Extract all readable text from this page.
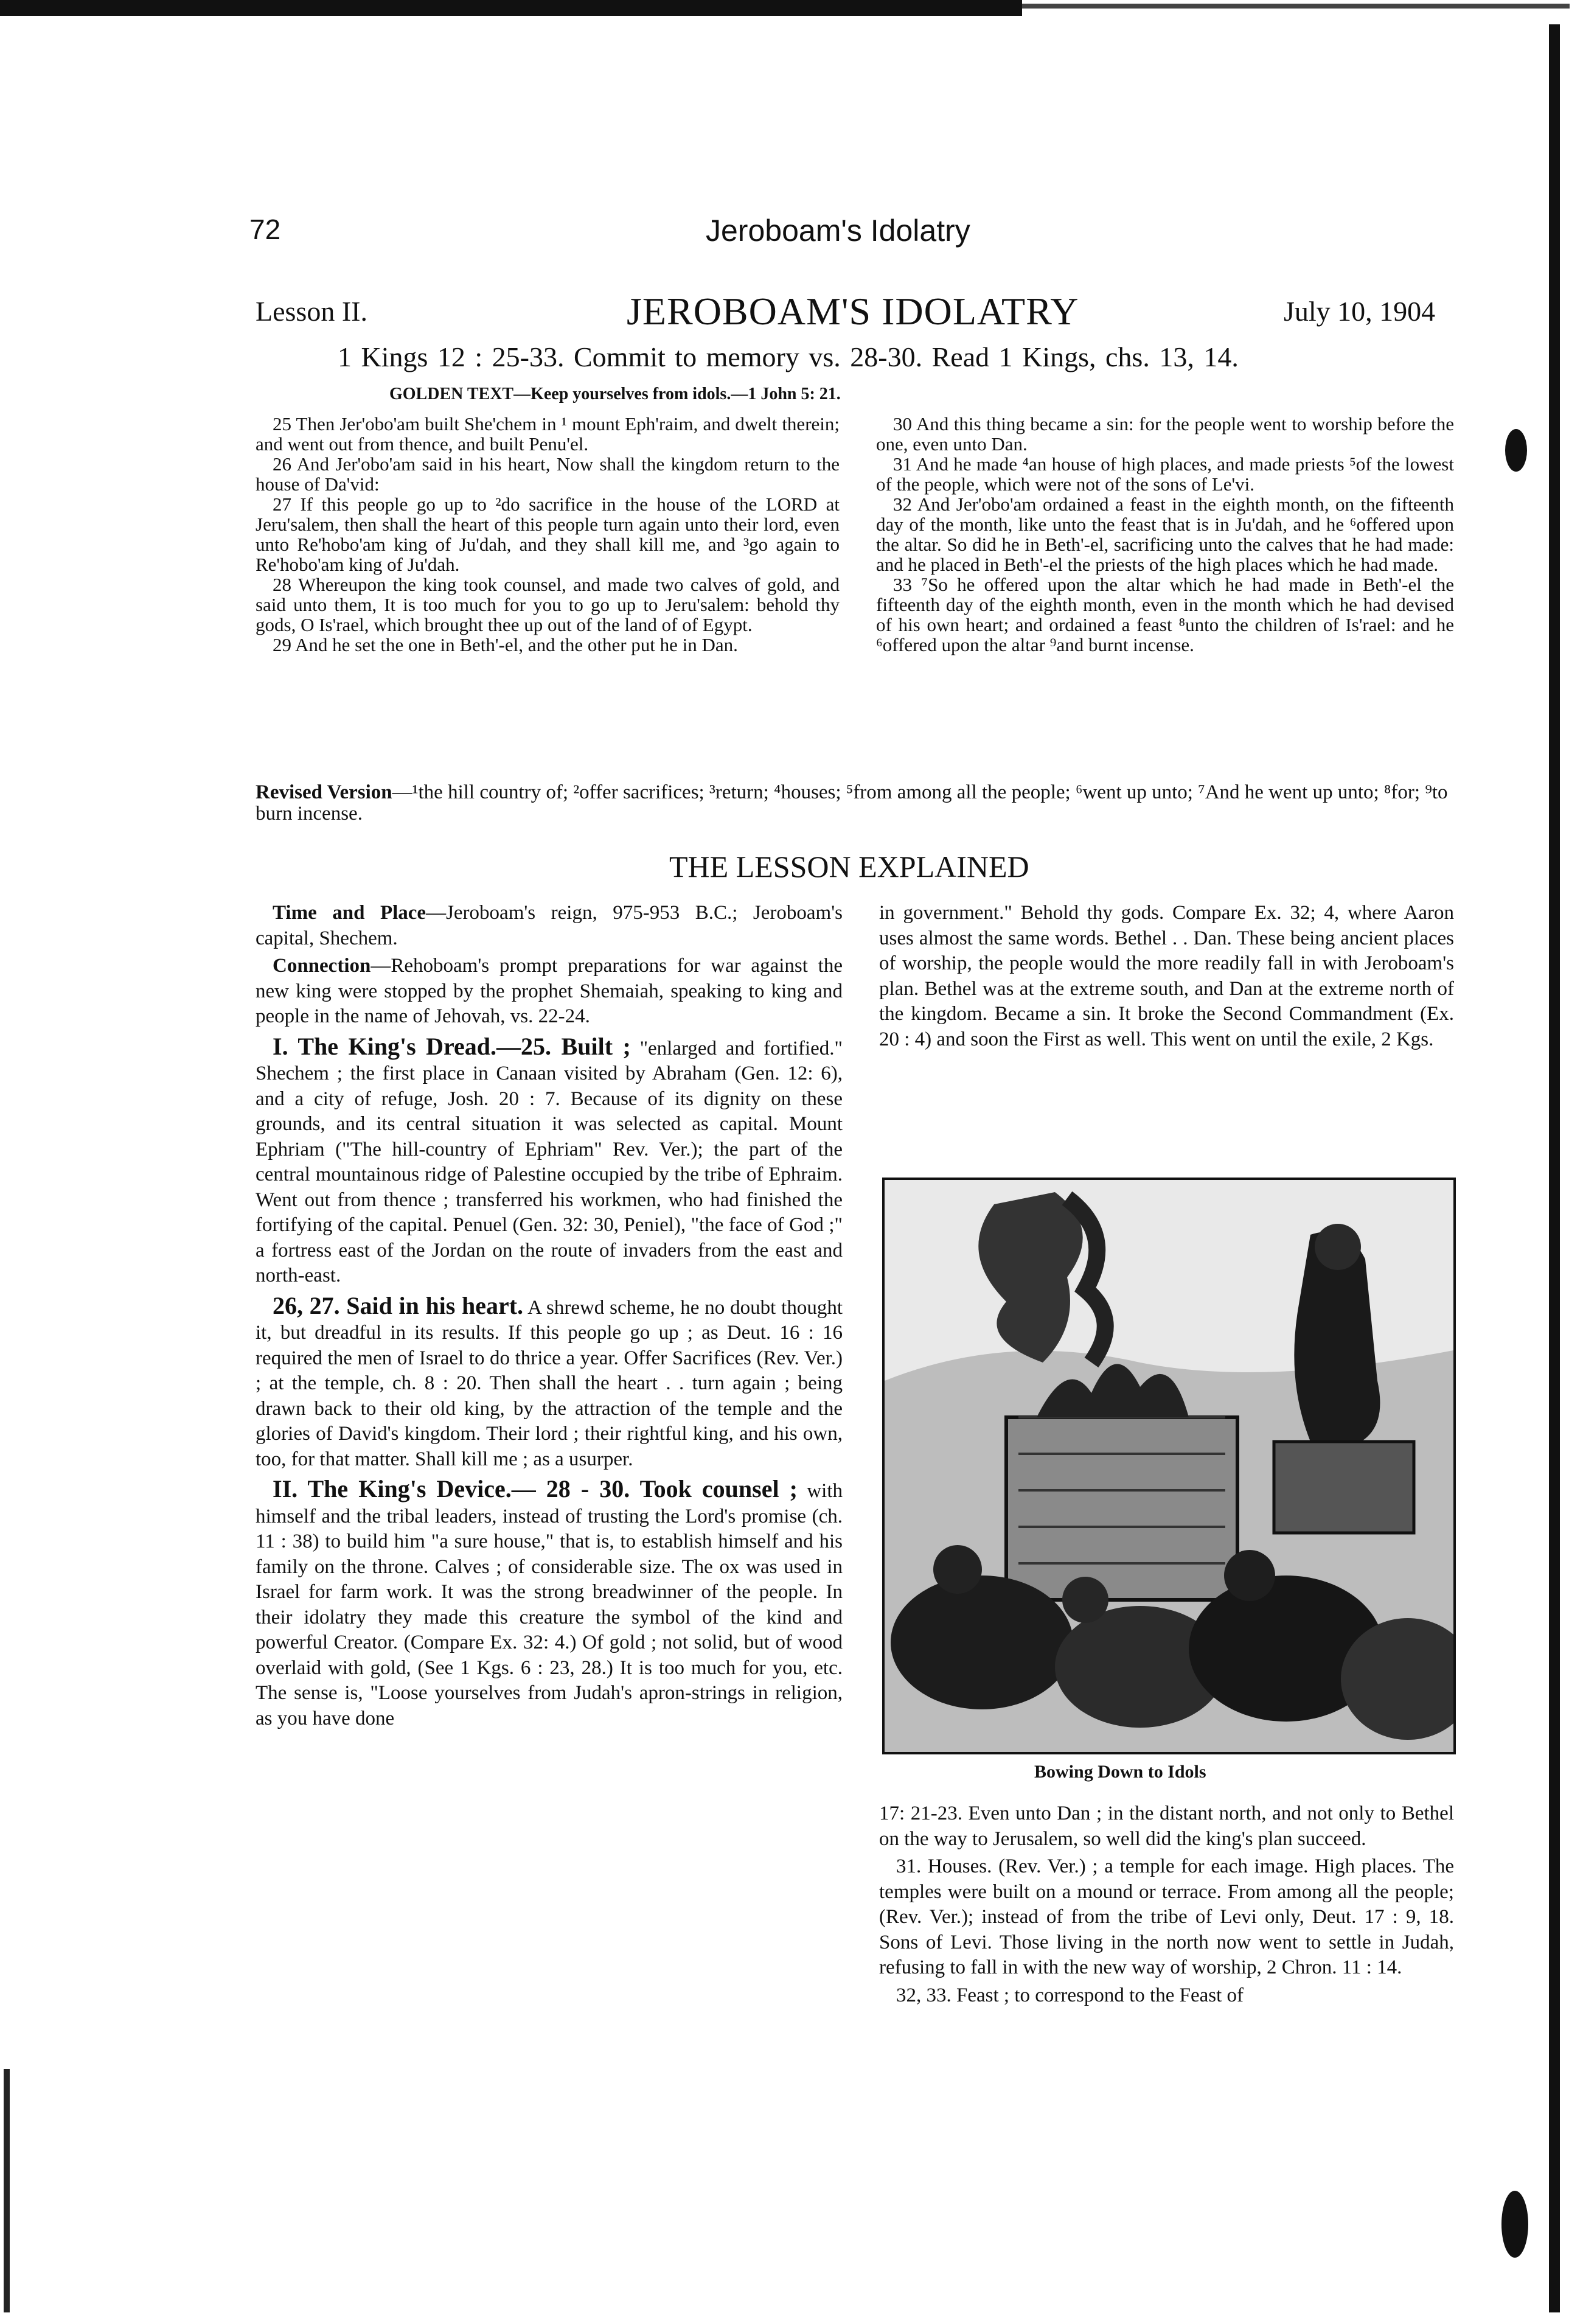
72	Jeroboam's Idolatry
Lesson II.	JEROBOAM'S IDOLATRY	July 10, 1904
1 Kings 12 : 25-33. Commit to memory vs. 28-30. Read 1 Kings, chs. 13, 14.
GOLDEN TEXT—Keep yourselves from idols.—1 John 5: 21.

25 Then Jer'obo'am built She'chem in ¹ mount Eph'raim, and dwelt therein; and went out from thence, and built Penu'el.

26 And Jer'obo'am said in his heart, Now shall the kingdom return to the house of Da'vid:

27 If this people go up to ²do sacrifice in the house of the LORD at Jeru'salem, then shall the heart of this people turn again unto their lord, even unto Re'hobo'am king of Ju'dah, and they shall kill me, and ³go again to Re'hobo'am king of Ju'dah.

28 Whereupon the king took counsel, and made two calves of gold, and said unto them, It is too much for you to go up to Jeru'salem: behold thy gods, O Is'rael, which brought thee up out of the land of of Egypt.

29 And he set the one in Beth'-el, and the other put he in Dan.

30 And this thing became a sin: for the people went to worship before the one, even unto Dan.

31 And he made ⁴an house of high places, and made priests ⁵of the lowest of the people, which were not of the sons of Le'vi.

32 And Jer'obo'am ordained a feast in the eighth month, on the fifteenth day of the month, like unto the feast that is in Ju'dah, and he ⁶offered upon the altar. So did he in Beth'-el, sacrificing unto the calves that he had made: and he placed in Beth'-el the priests of the high places which he had made.

33 ⁷So he offered upon the altar which he had made in Beth'-el the fifteenth day of the eighth month, even in the month which he had devised of his own heart; and ordained a feast ⁸unto the children of Is'rael: and he ⁶offered upon the altar ⁹and burnt incense.

Revised Version—¹the hill country of; ²offer sacrifices; ³return; ⁴houses; ⁵from among all the people; ⁶went up unto; ⁷And he went up unto; ⁸for; ⁹to burn incense.
THE LESSON EXPLAINED

Time and Place—Jeroboam's reign, 975-953 B.C.; Jeroboam's capital, Shechem.

Connection—Rehoboam's prompt preparations for war against the new king were stopped by the prophet Shemaiah, speaking to king and people in the name of Jehovah, vs. 22-24.

I. The King's Dread.—25. Built ; "enlarged and fortified." Shechem ; the first place in Canaan visited by Abraham (Gen. 12: 6), and a city of refuge, Josh. 20 : 7. Because of its dignity on these grounds, and its central situation it was selected as capital. Mount Ephriam ("The hill-country of Ephriam" Rev. Ver.); the part of the central mountainous ridge of Palestine occupied by the tribe of Ephraim. Went out from thence ; transferred his workmen, who had finished the fortifying of the capital. Penuel (Gen. 32: 30, Peniel), "the face of God ;" a fortress east of the Jordan on the route of invaders from the east and north-east.

26, 27. Said in his heart. A shrewd scheme, he no doubt thought it, but dreadful in its results. If this people go up ; as Deut. 16 : 16 required the men of Israel to do thrice a year. Offer Sacrifices (Rev. Ver.) ; at the temple, ch. 8 : 20. Then shall the heart . . turn again ; being drawn back to their old king, by the attraction of the temple and the glories of David's kingdom. Their lord ; their rightful king, and his own, too, for that matter. Shall kill me ; as a usurper.

II. The King's Device.— 28 - 30. Took counsel ; with himself and the tribal leaders, instead of trusting the Lord's promise (ch. 11 : 38) to build him "a sure house," that is, to establish himself and his family on the throne. Calves ; of considerable size. The ox was used in Israel for farm work. It was the strong breadwinner of the people. In their idolatry they made this creature the symbol of the kind and powerful Creator. (Compare Ex. 32: 4.) Of gold ; not solid, but of wood overlaid with gold, (See 1 Kgs. 6 : 23, 28.) It is too much for you, etc. The sense is, "Loose yourselves from Judah's apron-strings in religion, as you have done

in government." Behold thy gods. Compare Ex. 32; 4, where Aaron uses almost the same words. Bethel . . Dan. These being ancient places of worship, the people would the more readily fall in with Jeroboam's plan. Bethel was at the extreme south, and Dan at the extreme north of the kingdom. Became a sin. It broke the Second Commandment (Ex. 20 : 4) and soon the First as well. This went on until the exile, 2 Kgs.

Bowing Down to Idols

17: 21-23. Even unto Dan ; in the distant north, and not only to Bethel on the way to Jerusalem, so well did the king's plan succeed.

31. Houses. (Rev. Ver.) ; a temple for each image. High places. The temples were built on a mound or terrace. From among all the people; (Rev. Ver.); instead of from the tribe of Levi only, Deut. 17 : 9, 18. Sons of Levi. Those living in the north now went to settle in Judah, refusing to fall in with the new way of worship, 2 Chron. 11 : 14.

32, 33. Feast ; to correspond to the Feast of
